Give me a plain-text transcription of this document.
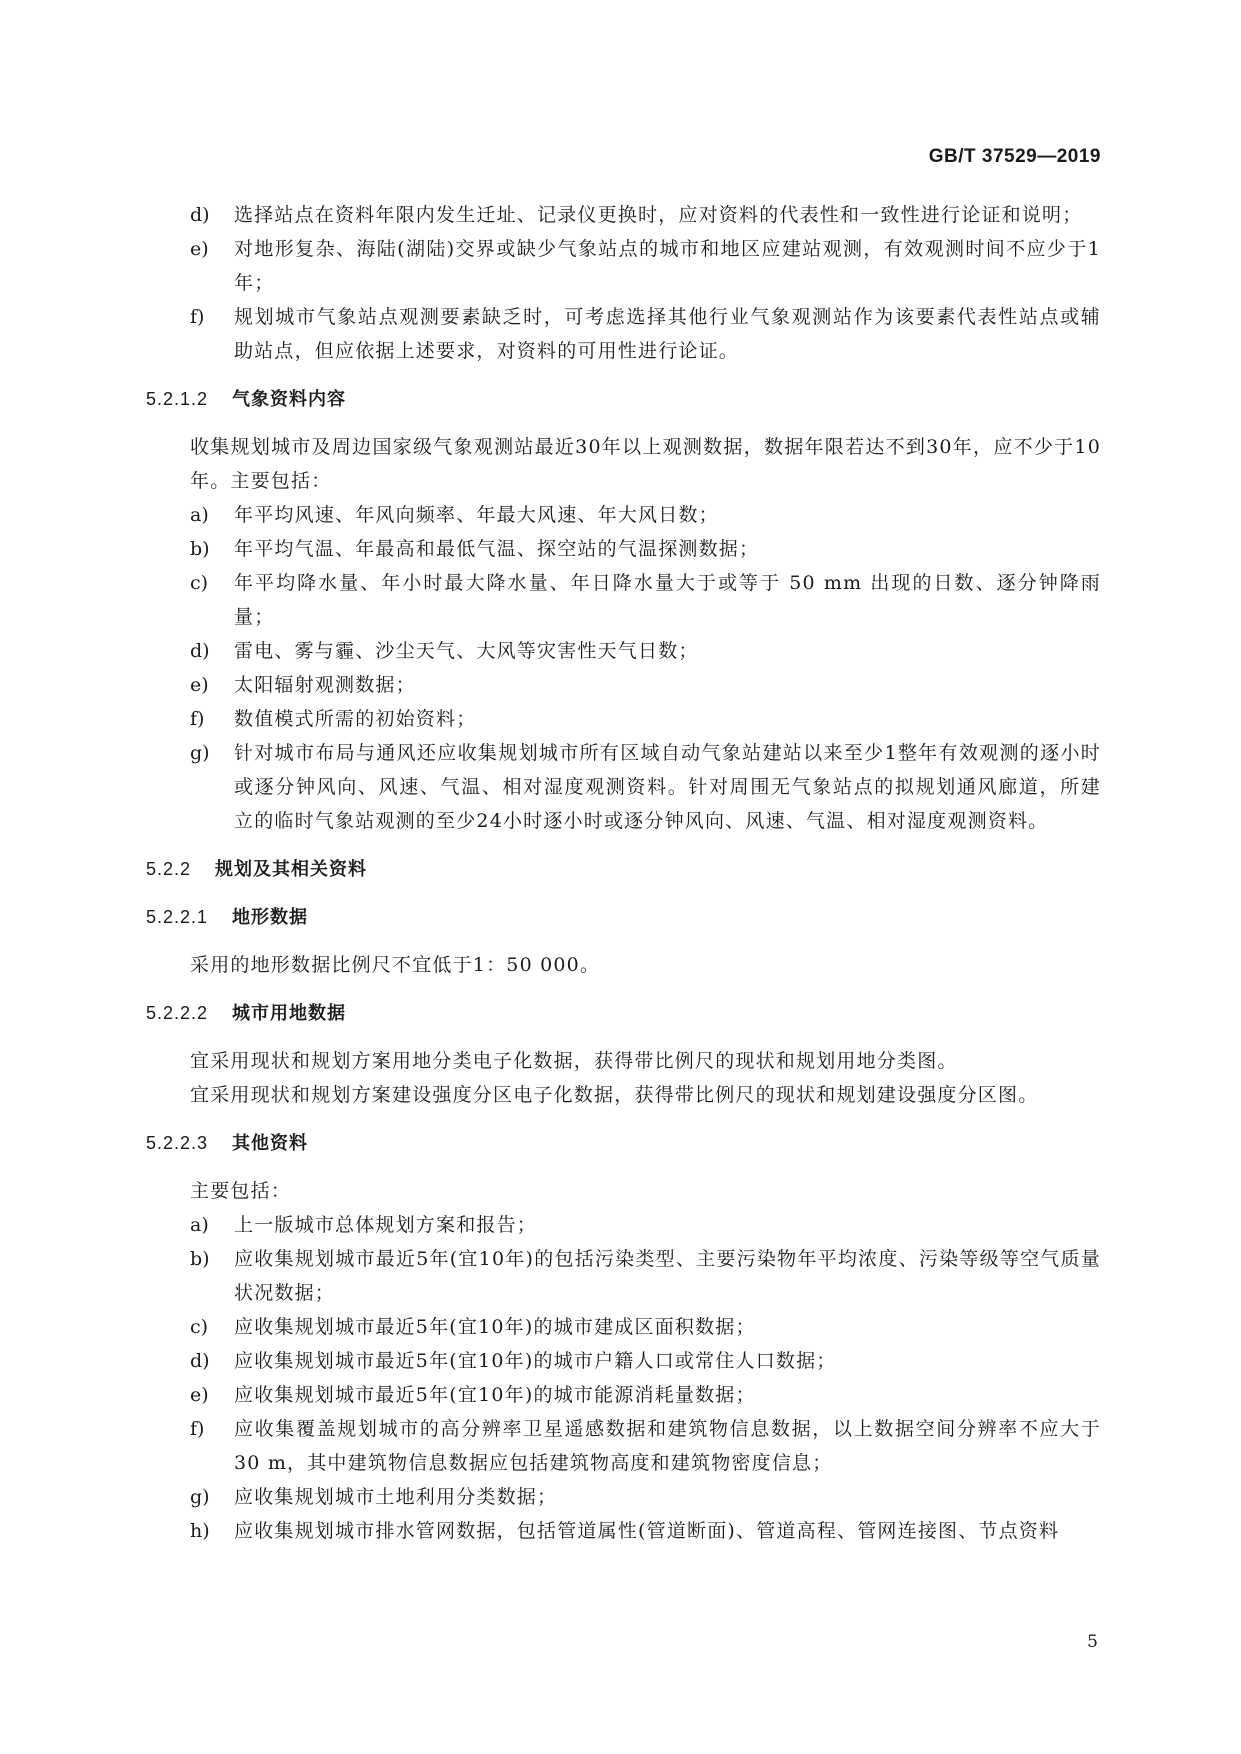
GB/T 37529—2019
d)	选择站点在资料年限内发生迁址、记录仪更换时，应对资料的代表性和一致性进行论证和说明；
e)	对地形复杂、海陆(湖陆)交界或缺少气象站点的城市和地区应建站观测，有效观测时间不应少于1年；
f)	规划城市气象站点观测要素缺乏时，可考虑选择其他行业气象观测站作为该要素代表性站点或辅助站点，但应依据上述要求，对资料的可用性进行论证。
5.2.1.2 气象资料内容

收集规划城市及周边国家级气象观测站最近30年以上观测数据，数据年限若达不到30年，应不少于10年。主要包括：

a)	年平均风速、年风向频率、年最大风速、年大风日数；
b)	年平均气温、年最高和最低气温、探空站的气温探测数据；
c)	年平均降水量、年小时最大降水量、年日降水量大于或等于 50 mm 出现的日数、逐分钟降雨量；
d)	雷电、雾与霾、沙尘天气、大风等灾害性天气日数；
e)	太阳辐射观测数据；
f)	数值模式所需的初始资料；
g)	针对城市布局与通风还应收集规划城市所有区域自动气象站建站以来至少1整年有效观测的逐小时或逐分钟风向、风速、气温、相对湿度观测资料。针对周围无气象站点的拟规划通风廊道，所建立的临时气象站观测的至少24小时逐小时或逐分钟风向、风速、气温、相对湿度观测资料。
5.2.2 规划及其相关资料
5.2.2.1 地形数据

采用的地形数据比例尺不宜低于1：50 000。

5.2.2.2 城市用地数据

宜采用现状和规划方案用地分类电子化数据，获得带比例尺的现状和规划用地分类图。

宜采用现状和规划方案建设强度分区电子化数据，获得带比例尺的现状和规划建设强度分区图。

5.2.2.3 其他资料

主要包括：

a)	上一版城市总体规划方案和报告；
b)	应收集规划城市最近5年(宜10年)的包括污染类型、主要污染物年平均浓度、污染等级等空气质量状况数据；
c)	应收集规划城市最近5年(宜10年)的城市建成区面积数据；
d)	应收集规划城市最近5年(宜10年)的城市户籍人口或常住人口数据；
e)	应收集规划城市最近5年(宜10年)的城市能源消耗量数据；
f)	应收集覆盖规划城市的高分辨率卫星遥感数据和建筑物信息数据，以上数据空间分辨率不应大于30 m，其中建筑物信息数据应包括建筑物高度和建筑物密度信息；
g)	应收集规划城市土地利用分类数据；
h)	应收集规划城市排水管网数据，包括管道属性(管道断面)、管道高程、管网连接图、节点资料
5
